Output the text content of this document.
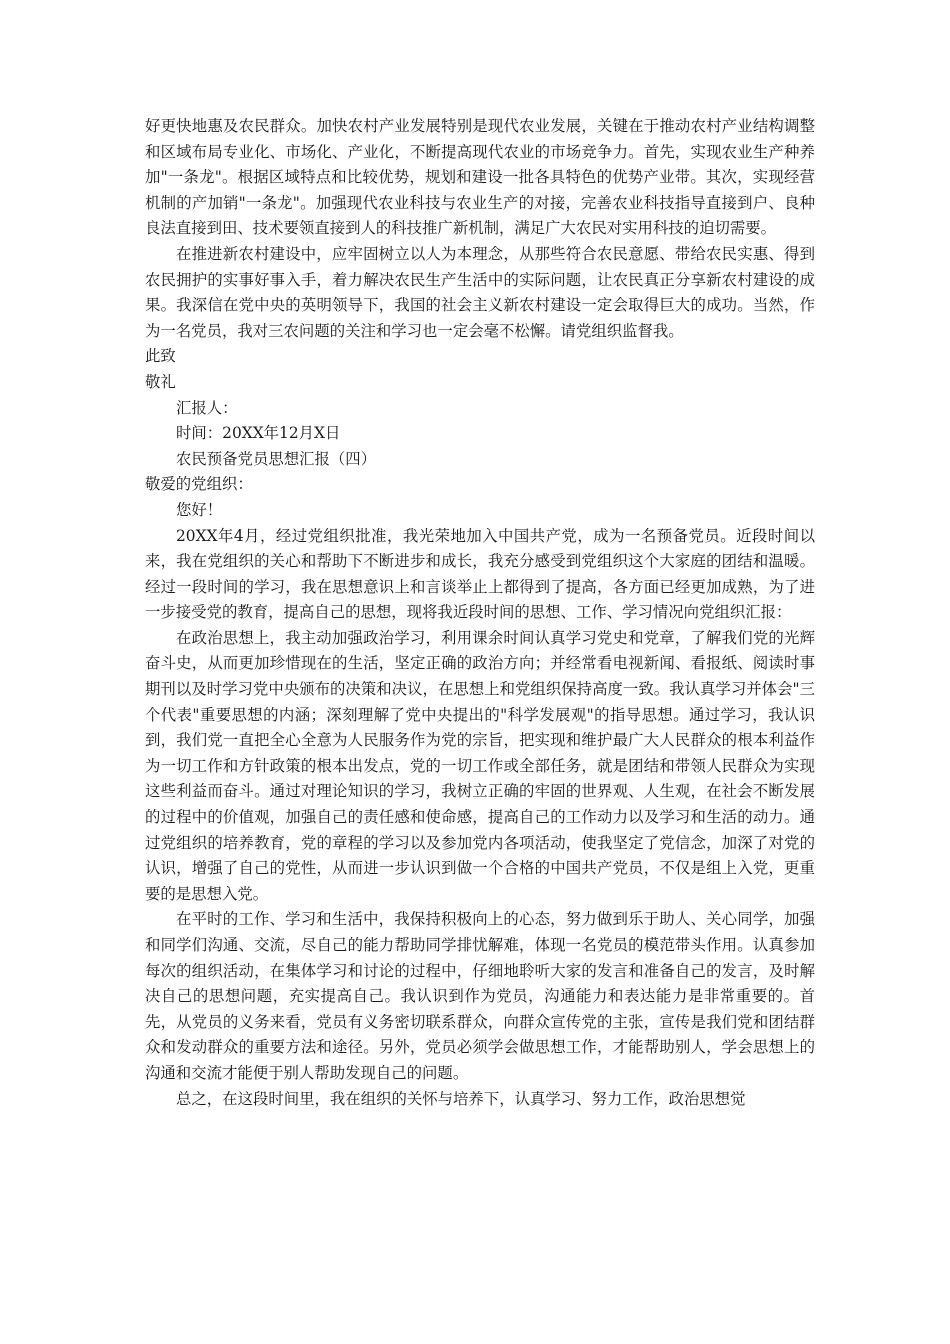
好更快地惠及农民群众。加快农村产业发展特别是现代农业发展，关键在于推动农村产业结构调整和区域布局专业化、市场化、产业化，不断提高现代农业的市场竞争力。首先，实现农业生产种养加"一条龙"。根据区域特点和比较优势，规划和建设一批各具特色的优势产业带。其次，实现经营机制的产加销"一条龙"。加强现代农业科技与农业生产的对接，完善农业科技指导直接到户、良种良法直接到田、技术要领直接到人的科技推广新机制，满足广大农民对实用科技的迫切需要。

在推进新农村建设中，应牢固树立以人为本理念，从那些符合农民意愿、带给农民实惠、得到农民拥护的实事好事入手，着力解决农民生产生活中的实际问题，让农民真正分享新农村建设的成果。我深信在党中央的英明领导下，我国的社会主义新农村建设一定会取得巨大的成功。当然，作为一名党员，我对三农问题的关注和学习也一定会毫不松懈。请党组织监督我。

此致

敬礼

汇报人：

时间：20XX年12月X日

农民预备党员思想汇报（四）

敬爱的党组织：

您好！

20XX年4月，经过党组织批准，我光荣地加入中国共产党，成为一名预备党员。近段时间以来，我在党组织的关心和帮助下不断进步和成长，我充分感受到党组织这个大家庭的团结和温暖。经过一段时间的学习，我在思想意识上和言谈举止上都得到了提高，各方面已经更加成熟，为了进一步接受党的教育，提高自己的思想，现将我近段时间的思想、工作、学习情况向党组织汇报：

在政治思想上，我主动加强政治学习，利用课余时间认真学习党史和党章，了解我们党的光辉奋斗史，从而更加珍惜现在的生活，坚定正确的政治方向；并经常看电视新闻、看报纸、阅读时事期刊以及时学习党中央颁布的决策和决议，在思想上和党组织保持高度一致。我认真学习并体会"三个代表"重要思想的内涵；深刻理解了党中央提出的"科学发展观"的指导思想。通过学习，我认识到，我们党一直把全心全意为人民服务作为党的宗旨，把实现和维护最广大人民群众的根本利益作为一切工作和方针政策的根本出发点，党的一切工作或全部任务，就是团结和带领人民群众为实现这些利益而奋斗。通过对理论知识的学习，我树立正确的牢固的世界观、人生观，在社会不断发展的过程中的价值观，加强自己的责任感和使命感，提高自己的工作动力以及学习和生活的动力。通过党组织的培养教育，党的章程的学习以及参加党内各项活动，使我坚定了党信念，加深了对党的认识，增强了自己的党性，从而进一步认识到做一个合格的中国共产党员，不仅是组上入党，更重要的是思想入党。

在平时的工作、学习和生活中，我保持积极向上的心态，努力做到乐于助人、关心同学，加强和同学们沟通、交流，尽自己的能力帮助同学排忧解难，体现一名党员的模范带头作用。认真参加每次的组织活动，在集体学习和讨论的过程中，仔细地聆听大家的发言和准备自己的发言，及时解决自己的思想问题，充实提高自己。我认识到作为党员，沟通能力和表达能力是非常重要的。首先，从党员的义务来看，党员有义务密切联系群众，向群众宣传党的主张，宣传是我们党和团结群众和发动群众的重要方法和途径。另外，党员必须学会做思想工作，才能帮助别人，学会思想上的沟通和交流才能便于别人帮助发现自己的问题。

总之，在这段时间里，我在组织的关怀与培养下，认真学习、努力工作，政治思想觉
